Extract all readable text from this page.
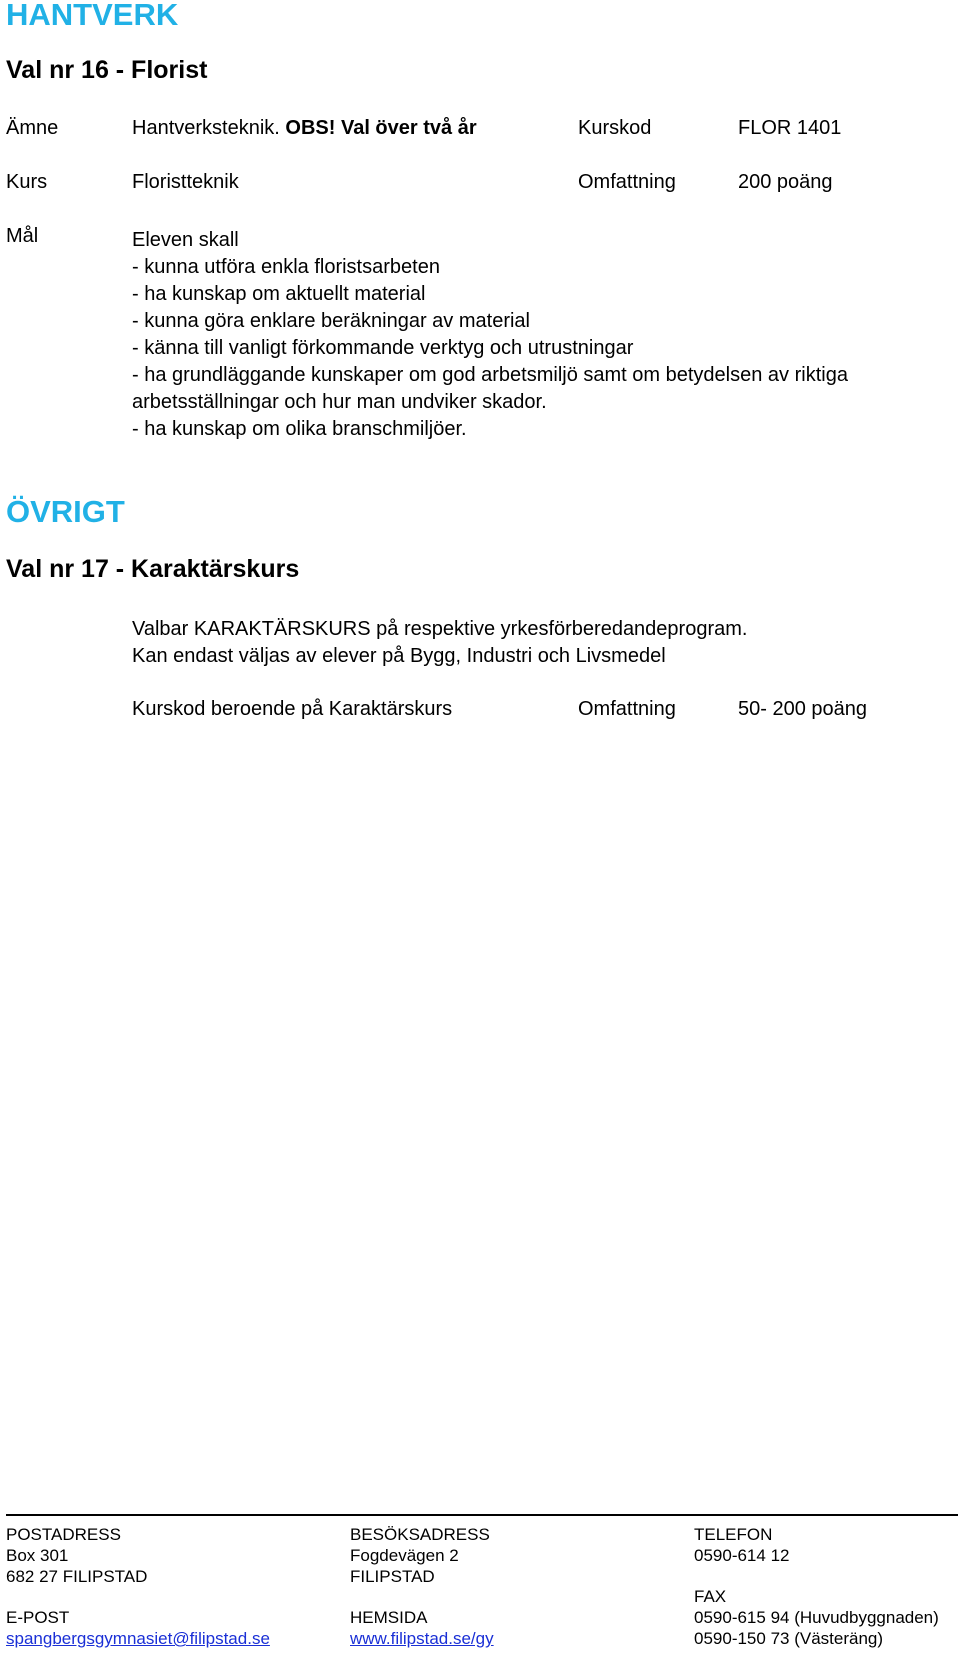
HANTVERK
Val nr 16 - Florist
Ämne	Hantverksteknik. OBS! Val över två år	Kurskod	FLOR 1401
Kurs	Floristteknik	Omfattning	200 poäng
Mål	Eleven skall
- kunna utföra enkla floristsarbeten
- ha kunskap om aktuellt material
- kunna göra enklare beräkningar av material
- känna till vanligt förkommande verktyg och utrustningar
- ha grundläggande kunskaper om god arbetsmiljö samt om betydelsen av riktiga
arbetsställningar och hur man undviker skador.
- ha kunskap om olika branschmiljöer.
ÖVRIGT
Val nr 17 - Karaktärskurs
Valbar KARAKTÄRSKURS på respektive yrkesförberedandeprogram.
Kan endast väljas av elever på Bygg, Industri och Livsmedel
Kurskod beroende på Karaktärskurs	Omfattning	50- 200 poäng
POSTADRESS
Box 301
682 27 FILIPSTAD
BESÖKSADRESS
Fogdevägen 2
FILIPSTAD
TELEFON
0590-614 12
FAX
0590-615 94 (Huvudbyggnaden)
0590-150 73 (Västeräng)
E-POST
spangbergsgymnasiet@filipstad.se
HEMSIDA
www.filipstad.se/gy
